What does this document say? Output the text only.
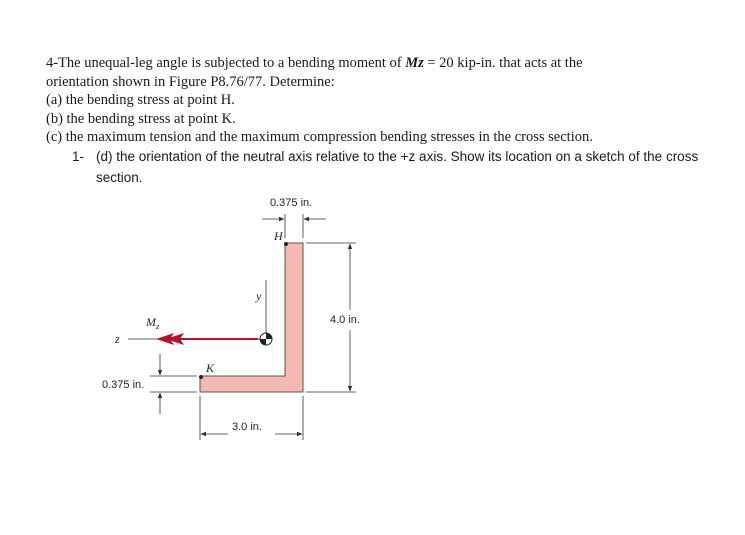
4-The unequal-leg angle is subjected to a bending moment of Mz = 20 kip-in. that acts at the

orientation shown in Figure P8.76/77. Determine:

(a) the bending stress at point H.

(b) the bending stress at point K.

(c) the maximum tension and the maximum compression bending stresses in the cross section.

1- (d) the orientation of the neutral axis relative to the +z axis. Show its location on a sketch of the cross section.
0.375 in.
H
4.0 in.
y
z
$M_z$
0.375 in.
K
3.0 in.
